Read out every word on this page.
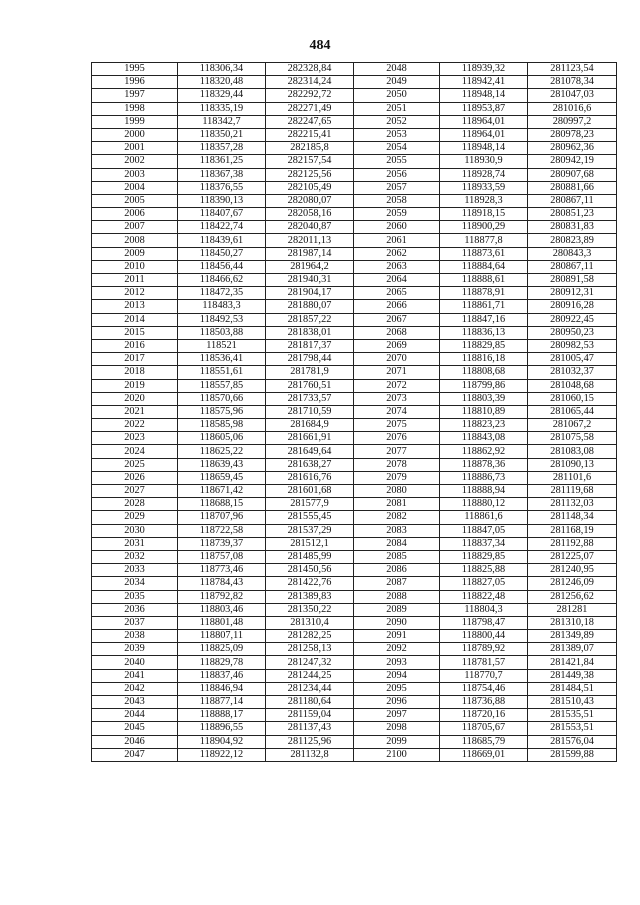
484
1995	118306,34	282328,84	2048	118939,32	281123,54
1996	118320,48	282314,24	2049	118942,41	281078,34
1997	118329,44	282292,72	2050	118948,14	281047,03
1998	118335,19	282271,49	2051	118953,87	281016,6
1999	118342,7	282247,65	2052	118964,01	280997,2
2000	118350,21	282215,41	2053	118964,01	280978,23
2001	118357,28	282185,8	2054	118948,14	280962,36
2002	118361,25	282157,54	2055	118930,9	280942,19
2003	118367,38	282125,56	2056	118928,74	280907,68
2004	118376,55	282105,49	2057	118933,59	280881,66
2005	118390,13	282080,07	2058	118928,3	280867,11
2006	118407,67	282058,16	2059	118918,15	280851,23
2007	118422,74	282040,87	2060	118900,29	280831,83
2008	118439,61	282011,13	2061	118877,8	280823,89
2009	118450,27	281987,14	2062	118873,61	280843,3
2010	118456,44	281964,2	2063	118884,64	280867,11
2011	118466,62	281940,31	2064	118888,61	280891,58
2012	118472,35	281904,17	2065	118878,91	280912,31
2013	118483,3	281880,07	2066	118861,71	280916,28
2014	118492,53	281857,22	2067	118847,16	280922,45
2015	118503,88	281838,01	2068	118836,13	280950,23
2016	118521	281817,37	2069	118829,85	280982,53
2017	118536,41	281798,44	2070	118816,18	281005,47
2018	118551,61	281781,9	2071	118808,68	281032,37
2019	118557,85	281760,51	2072	118799,86	281048,68
2020	118570,66	281733,57	2073	118803,39	281060,15
2021	118575,96	281710,59	2074	118810,89	281065,44
2022	118585,98	281684,9	2075	118823,23	281067,2
2023	118605,06	281661,91	2076	118843,08	281075,58
2024	118625,22	281649,64	2077	118862,92	281083,08
2025	118639,43	281638,27	2078	118878,36	281090,13
2026	118659,45	281616,76	2079	118886,73	281101,6
2027	118671,42	281601,68	2080	118888,94	281119,68
2028	118688,15	281577,9	2081	118880,12	281132,03
2029	118707,96	281555,45	2082	118861,6	281148,34
2030	118722,58	281537,29	2083	118847,05	281168,19
2031	118739,37	281512,1	2084	118837,34	281192,88
2032	118757,08	281485,99	2085	118829,85	281225,07
2033	118773,46	281450,56	2086	118825,88	281240,95
2034	118784,43	281422,76	2087	118827,05	281246,09
2035	118792,82	281389,83	2088	118822,48	281256,62
2036	118803,46	281350,22	2089	118804,3	281281
2037	118801,48	281310,4	2090	118798,47	281310,18
2038	118807,11	281282,25	2091	118800,44	281349,89
2039	118825,09	281258,13	2092	118789,92	281389,07
2040	118829,78	281247,32	2093	118781,57	281421,84
2041	118837,46	281244,25	2094	118770,7	281449,38
2042	118846,94	281234,44	2095	118754,46	281484,51
2043	118877,14	281180,64	2096	118736,88	281510,43
2044	118888,17	281159,04	2097	118720,16	281535,51
2045	118896,55	281137,43	2098	118705,67	281553,51
2046	118904,92	281125,96	2099	118685,79	281576,04
2047	118922,12	281132,8	2100	118669,01	281599,88
